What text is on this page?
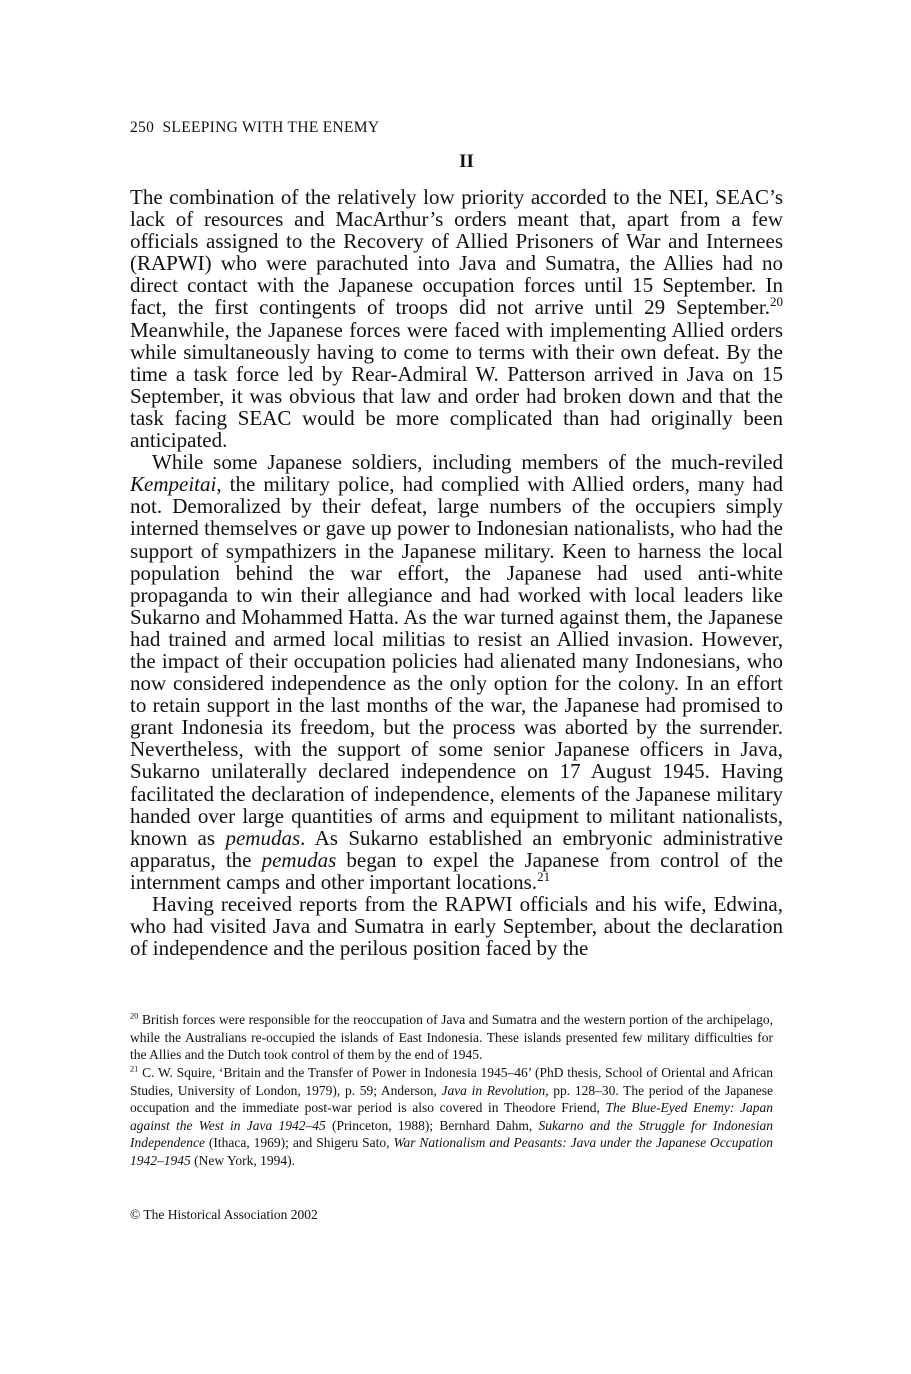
250 SLEEPING WITH THE ENEMY

II

The combination of the relatively low priority accorded to the NEI, SEAC’s lack of resources and MacArthur’s orders meant that, apart from a few officials assigned to the Recovery of Allied Prisoners of War and Internees (RAPWI) who were parachuted into Java and Sumatra, the Allies had no direct contact with the Japanese occupation forces until 15 September. In fact, the first contingents of troops did not arrive until 29 September.$^{20}$ Meanwhile, the Japanese forces were faced with implementing Allied orders while simultaneously having to come to terms with their own defeat. By the time a task force led by Rear-Admiral W. Patterson arrived in Java on 15 September, it was obvious that law and order had broken down and that the task facing SEAC would be more complicated than had originally been anticipated.

While some Japanese soldiers, including members of the much-reviled Kempeitai, the military police, had complied with Allied orders, many had not. Demoralized by their defeat, large numbers of the occupiers simply interned themselves or gave up power to Indonesian nationalists, who had the support of sympathizers in the Japanese military. Keen to harness the local population behind the war effort, the Japanese had used anti-white propaganda to win their allegiance and had worked with local leaders like Sukarno and Mohammed Hatta. As the war turned against them, the Japanese had trained and armed local militias to resist an Allied invasion. However, the impact of their occupation policies had alienated many Indonesians, who now considered independence as the only option for the colony. In an effort to retain support in the last months of the war, the Japanese had promised to grant Indonesia its freedom, but the process was aborted by the surrender. Nevertheless, with the support of some senior Japanese officers in Java, Sukarno unilaterally declared independence on 17 August 1945. Having facilitated the declaration of independence, elements of the Japanese military handed over large quantities of arms and equipment to militant nationalists, known as pemudas. As Sukarno established an embryonic administrative apparatus, the pemudas began to expel the Japanese from control of the internment camps and other important locations.$^{21}$

Having received reports from the RAPWI officials and his wife, Edwina, who had visited Java and Sumatra in early September, about the declaration of independence and the perilous position faced by the

$^{20}$ British forces were responsible for the reoccupation of Java and Sumatra and the western portion of the archipelago, while the Australians re-occupied the islands of East Indonesia. These islands presented few military difficulties for the Allies and the Dutch took control of them by the end of 1945.

$^{21}$ C. W. Squire, ‘Britain and the Transfer of Power in Indonesia 1945–46’ (PhD thesis, School of Oriental and African Studies, University of London, 1979), p. 59; Anderson, Java in Revolution, pp. 128–30. The period of the Japanese occupation and the immediate post-war period is also covered in Theodore Friend, The Blue-Eyed Enemy: Japan against the West in Java 1942–45 (Princeton, 1988); Bernhard Dahm, Sukarno and the Struggle for Indonesian Independence (Ithaca, 1969); and Shigeru Sato, War Nationalism and Peasants: Java under the Japanese Occupation 1942–1945 (New York, 1994).

© The Historical Association 2002
